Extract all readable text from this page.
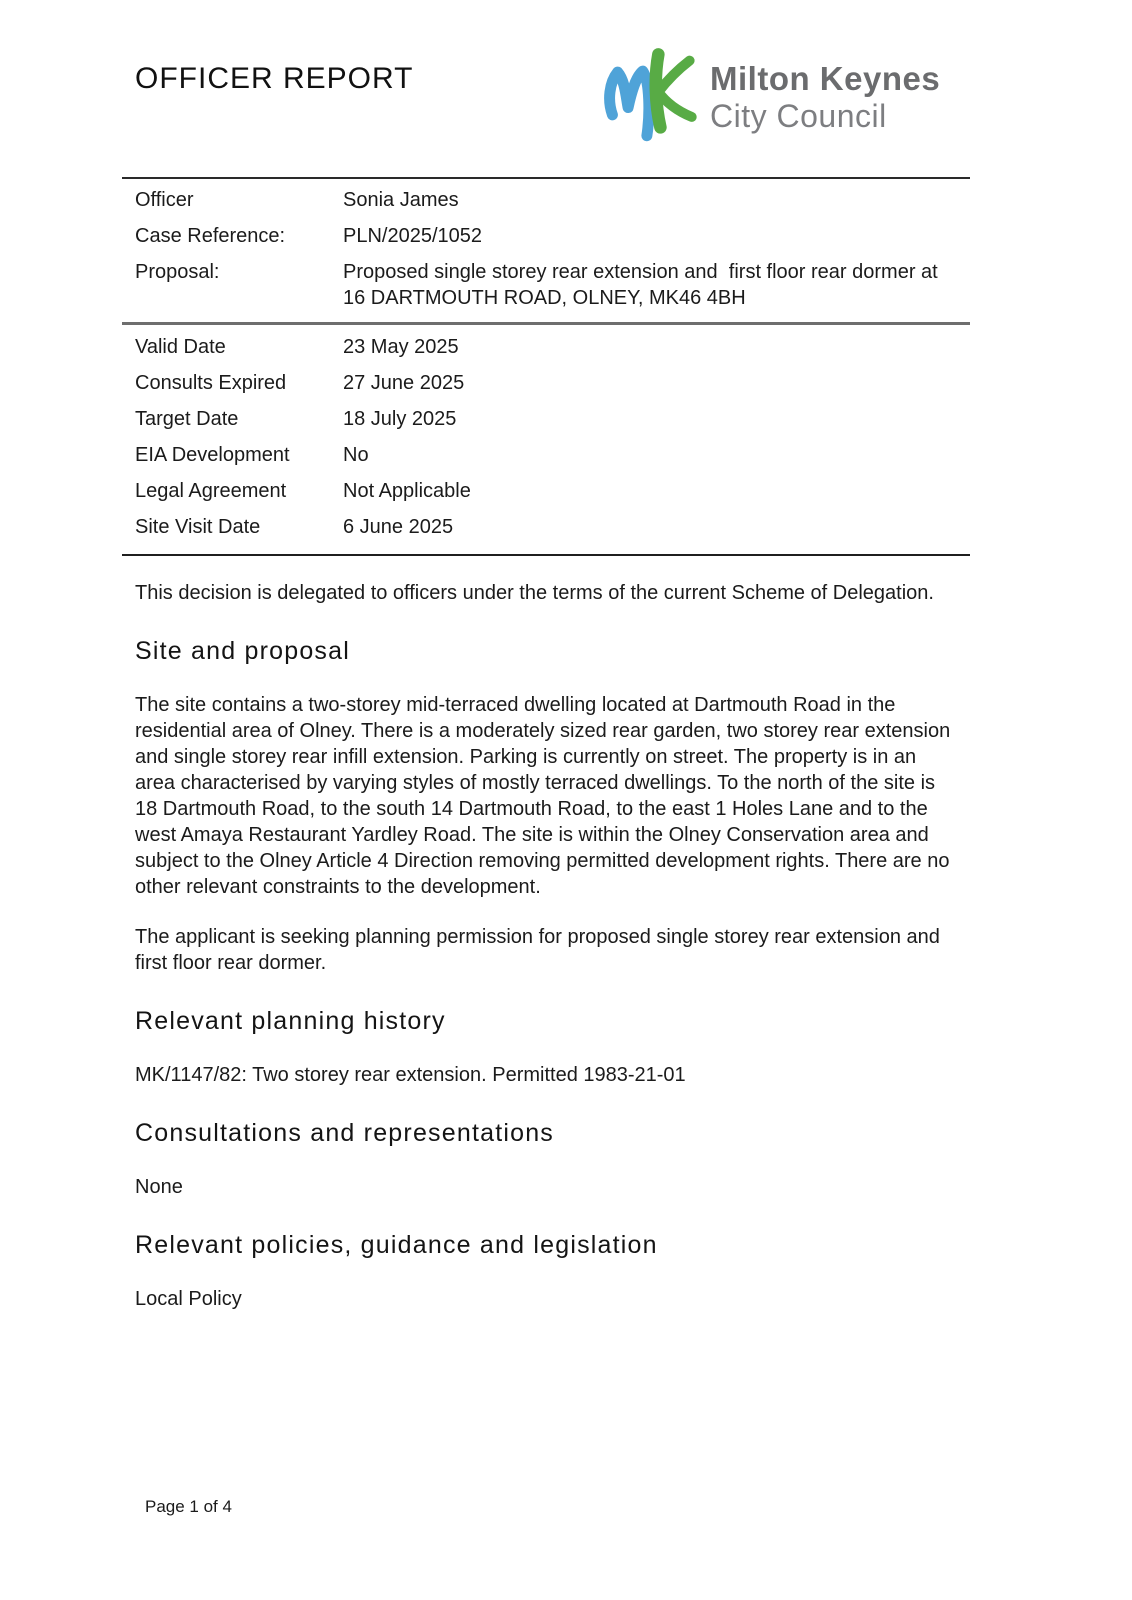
OFFICER REPORT	Milton Keynes
City Council
Officer	Sonia James
Case Reference:	PLN/2025/1052
Proposal:	Proposed single storey rear extension and  first floor rear dormer at 16 DARTMOUTH ROAD, OLNEY, MK46 4BH
Valid Date	23 May 2025
Consults Expired	27 June 2025
Target Date	18 July 2025
EIA Development	No
Legal Agreement	Not Applicable
Site Visit Date	6 June 2025

This decision is delegated to officers under the terms of the current Scheme of Delegation.

Site and proposal

The site contains a two-storey mid-terraced dwelling located at Dartmouth Road in the residential area of Olney. There is a moderately sized rear garden, two storey rear extension and single storey rear infill extension. Parking is currently on street. The property is in an area characterised by varying styles of mostly terraced dwellings. To the north of the site is 18 Dartmouth Road, to the south 14 Dartmouth Road, to the east 1 Holes Lane and to the west Amaya Restaurant Yardley Road. The site is within the Olney Conservation area and subject to the Olney Article 4 Direction removing permitted development rights. There are no other relevant constraints to the development.

The applicant is seeking planning permission for proposed single storey rear extension and first floor rear dormer.

Relevant planning history

MK/1147/82: Two storey rear extension. Permitted 1983-21-01

Consultations and representations

None

Relevant policies, guidance and legislation

Local Policy

Page 1 of 4
